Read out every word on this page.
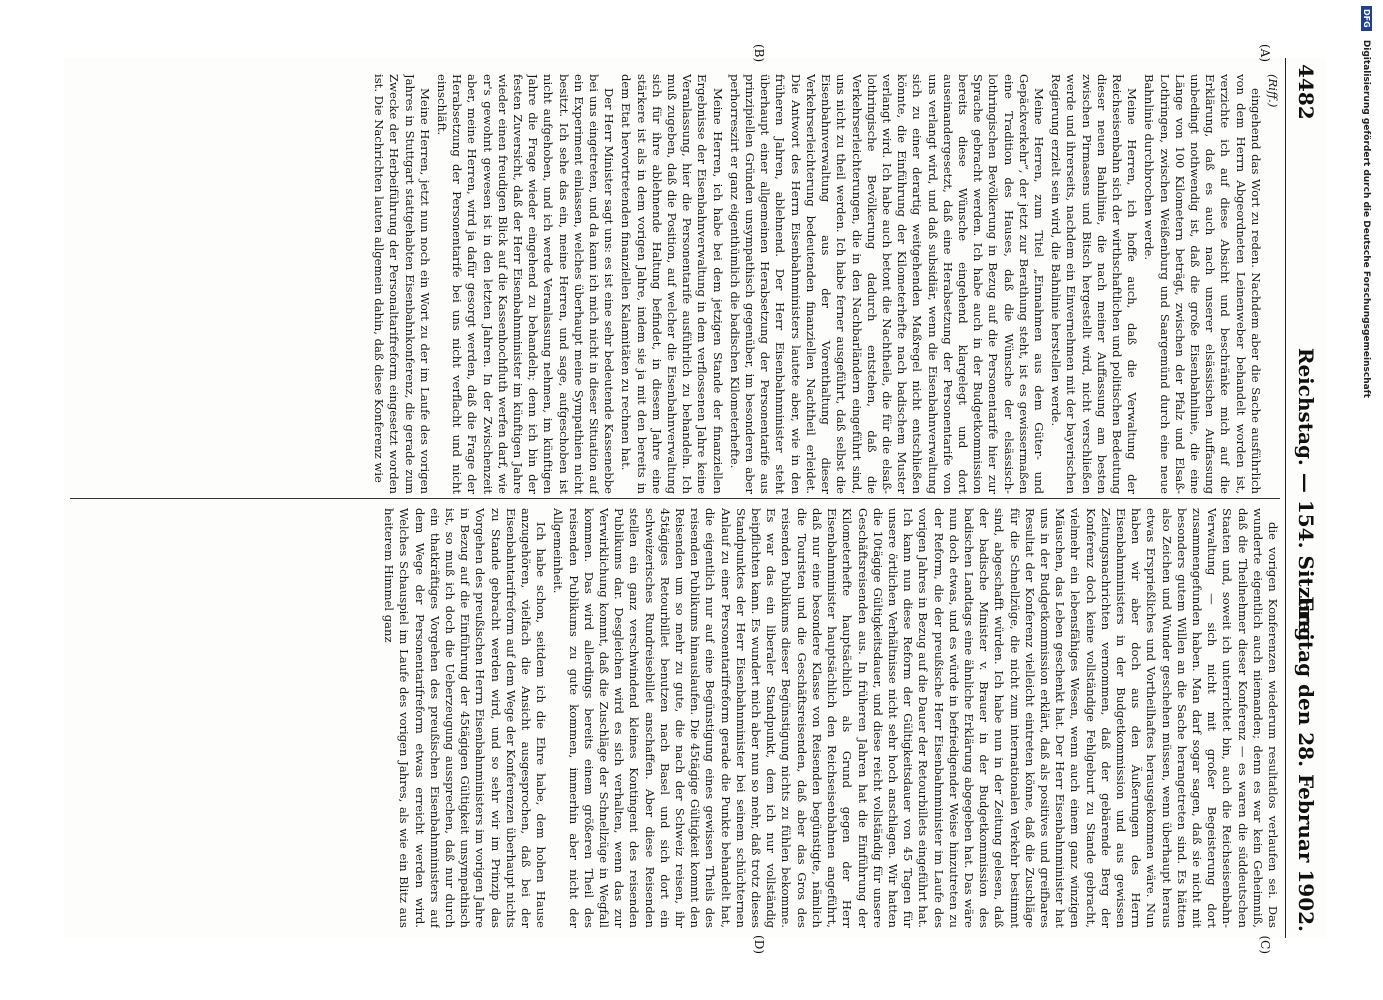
4482
Reichstag. — 154. Sitzung.
Freitag den 28. Februar 1902.
(A)
(B)
(C)
(D)

(Riff.)

eingehend das Wort zu reden. Nachdem aber die Sache ausführlich von dem Herrn Abgeordneten Leinenweber behandelt worden ist, verzichte ich auf diese Absicht und beschränke mich auf die Erklärung, daß es auch nach unserer elsässischen Auffassung unbedingt nothwendig ist, daß die große Eisenbahnlinie, die eine Länge von 100 Kilometern beträgt, zwischen der Pfalz und Elsaß-Lothringen, zwischen Weißenburg und Saargemünd durch eine neue Bahnlinie durchbrochen werde.

Meine Herren, ich hoffe auch, daß die Verwaltung der Reichseisenbahn sich der wirthschaftlichen und politischen Bedeutung dieser neuen Bahnlinie, die nach meiner Auffassung am besten zwischen Pirmasens und Bitsch hergestellt wird, nicht verschließen werde und ihrerseits, nachdem ein Einvernehmen mit der bayerischen Regierung erzielt sein wird, die Bahnlinie herstellen werde.

Meine Herren, zum Titel „Einnahmen aus dem Güter- und Gepäckverkehr“, der jetzt zur Berathung steht, ist es gewissermaßen eine Tradition des Hauses, daß die Wünsche der elsässisch-lothringischen Bevölkerung in Bezug auf die Personentarife hier zur Sprache gebracht werden. Ich habe auch in der Budgetkommission bereits diese Wünsche eingehend klargelegt und dort auseinandergesetzt, daß eine Herabsetzung der Personentarife von uns verlangt wird, und daß subsidiär, wenn die Eisenbahnverwaltung sich zu einer derartig weitgehenden Maßregel nicht entschließen könnte, die Einführung der Kilometerhefte nach badischem Muster verlangt wird. Ich habe auch betont die Nachtheile, die für die elsaß-lothringische Bevölkerung dadurch entstehen, daß die Verkehrserleichterungen, die in den Nachbarländern eingeführt sind, uns nicht zu theil werden. Ich habe ferner ausgeführt, daß selbst die Eisenbahnverwaltung aus der Vorenthaltung dieser Verkehrserleichterung bedeutenden finanziellen Nachtheil erleidet. Die Antwort des Herrn Eisenbahnministers lautete aber, wie in den früheren Jahren, ablehnend. Der Herr Eisenbahnminister steht überhaupt einer allgemeinen Herabsetzung der Personentarife aus prinzipiellen Gründen unsympathisch gegenüber, im besonderen aber perhorreszirt er ganz eigenthümlich die badischen Kilometerhefte.

Meine Herren, ich habe bei dem jetzigen Stande der finanziellen Ergebnisse der Eisenbahnverwaltung in dem verflossenen Jahre keine Veranlassung, hier die Personentarife ausführlich zu behandeln. Ich muß zugeben, daß die Position, auf welcher die Eisenbahnverwaltung sich für ihre ablehnende Haltung befindet, in diesem Jahre eine stärkere ist als in dem vorigen Jahre, indem sie ja mit den bereits in dem Etat hervortretenden finanziellen Kalamitäten zu rechnen hat.

Der Herr Minister sagt uns: es ist eine sehr bedeutende Kassenebbe bei uns eingetreten, und da kann ich mich nicht in dieser Situation auf ein Experiment einlassen, welches überhaupt meine Sympathien nicht besitzt. Ich sehe das ein, meine Herren, und sage, aufgeschoben ist nicht aufgehoben, und ich werde Veranlassung nehmen, im künftigen Jahre die Frage wieder eingehend zu behandeln; denn ich bin der festen Zuversicht, daß der Herr Eisenbahnminister im künftigen Jahre wieder einen freudigen Blick auf die Kassenhochfluth werfen darf, wie er's gewohnt gewesen ist in den letzten Jahren. In der Zwischenzeit aber, meine Herren, wird ja dafür gesorgt werden, daß die Frage der Herabsetzung der Personentarife bei uns nicht verflacht und nicht einschläft.

Meine Herren, jetzt nun noch ein Wort zu der im Laufe des vorigen Jahres in Stuttgart stattgehabten Eisenbahnkonferenz, die gerade zum Zwecke der Herbeiführung der Personaltarifreform eingesetzt worden ist. Die Nachrichten lauten allgemein dahin, daß diese Konferenz wie

die vorigen Konferenzen wiederum resultatlos verlaufen sei. Das wunderte eigentlich auch niemanden; denn es war kein Geheimniß, daß die Theilnehmer dieser Konferenz — es waren die süddeutschen Staaten und, soweit ich unterrichtet bin, auch die Reichseisenbahn-Verwaltung — sich nicht mit großer Begeisterung dort zusammengefunden haben. Man darf sogar sagen, daß sie nicht mit besonders gutem Willen an die Sache herangetreten sind. Es hätten also Zeichen und Wunder geschehen müssen, wenn überhaupt heraus etwas Ersprießliches und Vortheilhaftes herausgekommen wäre. Nun haben wir aber doch aus den Äußerungen des Herrn Eisenbahnministers in der Budgetkommission und aus gewissen Zeitungsnachrichten vernommen, daß der gebärende Berg der Konferenz doch keine vollständige Fehlgeburt zu Stande gebracht, vielmehr ein lebensfähiges Wesen, wenn auch einem ganz winzigen Mäuschen, das Leben geschenkt hat. Der Herr Eisenbahnminister hat uns in der Budgetkommission erklärt, daß als positives und greifbares Resultat der Konferenz vielleicht eintreten könne, daß die Zuschläge für die Schnellzüge, die nicht zum internationalen Verkehr bestimmt sind, abgeschafft würden. Ich habe nun in der Zeitung gelesen, daß der badische Minister v. Brauer in der Budgetkommission des badischen Landtags eine ähnliche Erklärung abgegeben hat. Das wäre nun doch etwas, und es würde in befriedigender Weise hinzutreten zu der Reform, die der preußische Herr Eisenbahnminister im Laufe des vorigen Jahres in Bezug auf die Dauer der Retourbillets eingeführt hat. Ich kann nun diese Reform der Gültigkeitsdauer von 45 Tagen für unsere örtlichen Verhältnisse nicht sehr hoch anschlagen. Wir hatten die 10tägige Gültigkeitsdauer, und diese reicht vollständig für unsere Geschäftsreisenden aus. In früheren Jahren hat die Einführung der Kilometerhefte hauptsächlich als Grund gegen der Herr Eisenbahnminister hauptsächlich den Reichseisenbahnen angeführt, daß nur eine besondere Klasse von Reisenden begünstigte, nämlich die Touristen und die Geschäftsreisenden, daß aber das Gros des reisenden Publikums dieser Begünstigung nichts zu fühlen bekomme. Es war das ein liberaler Standpunkt, dem ich nur vollständig beipflichten kann. Es wundert mich aber nun so mehr, daß trotz dieses Standpunktes der Herr Eisenbahnminister bei seinem schüchternen Anlauf zu einer Personentarifreform gerade die Punkte behandelt hat, die eigentlich nur auf eine Begünstigung eines gewissen Theils des reisenden Publikums hinauslaufen. Die 45tägige Gültigkeit kommt den Reisenden um so mehr zu gute, die nach der Schweiz reisen, ihr 45tägiges Retourbillet benutzen nach Basel und sich dort ein schweizerisches Rundreisebillet anschaffen. Aber diese Reisenden stellen ein ganz verschwindend kleines Kontingent des reisenden Publikums dar. Desgleichen wird es sich verhalten, wenn das zur Verwirklichung kommt, daß die Zuschläge der Schnellzüge in Wegfall kommen. Das wird allerdings bereits einem größeren Theil des reisenden Publikums zu gute kommen, immerhin aber nicht der Allgemeinheit.

Ich habe schon, seitdem ich die Ehre habe, dem hohen Hause anzugehören, vielfach die Ansicht ausgesprochen, daß bei der Eisenbahntarifreform auf dem Wege der Konferenzen überhaupt nichts zu Stande gebracht werden wird, und so sehr wir im Prinzip das Vorgehen des preußischen Herrn Eisenbahnministers im vorigen Jahre in Bezug auf die Einführung der 45tägigen Gültigkeit unsympathisch ist, so muß ich doch die Ueberzeugung aussprechen, daß nur durch ein thatkräftiges Vorgehen des preußischen Eisenbahnministers auf dem Wege der Personentarifreform etwas erreicht werden wird. Welches Schauspiel im Laufe des vorigen Jahres, als wie ein Blitz aus heiterem Himmel ganz

DFG Digitalisierung gefördert durch die Deutsche Forschungsgemeinschaft
